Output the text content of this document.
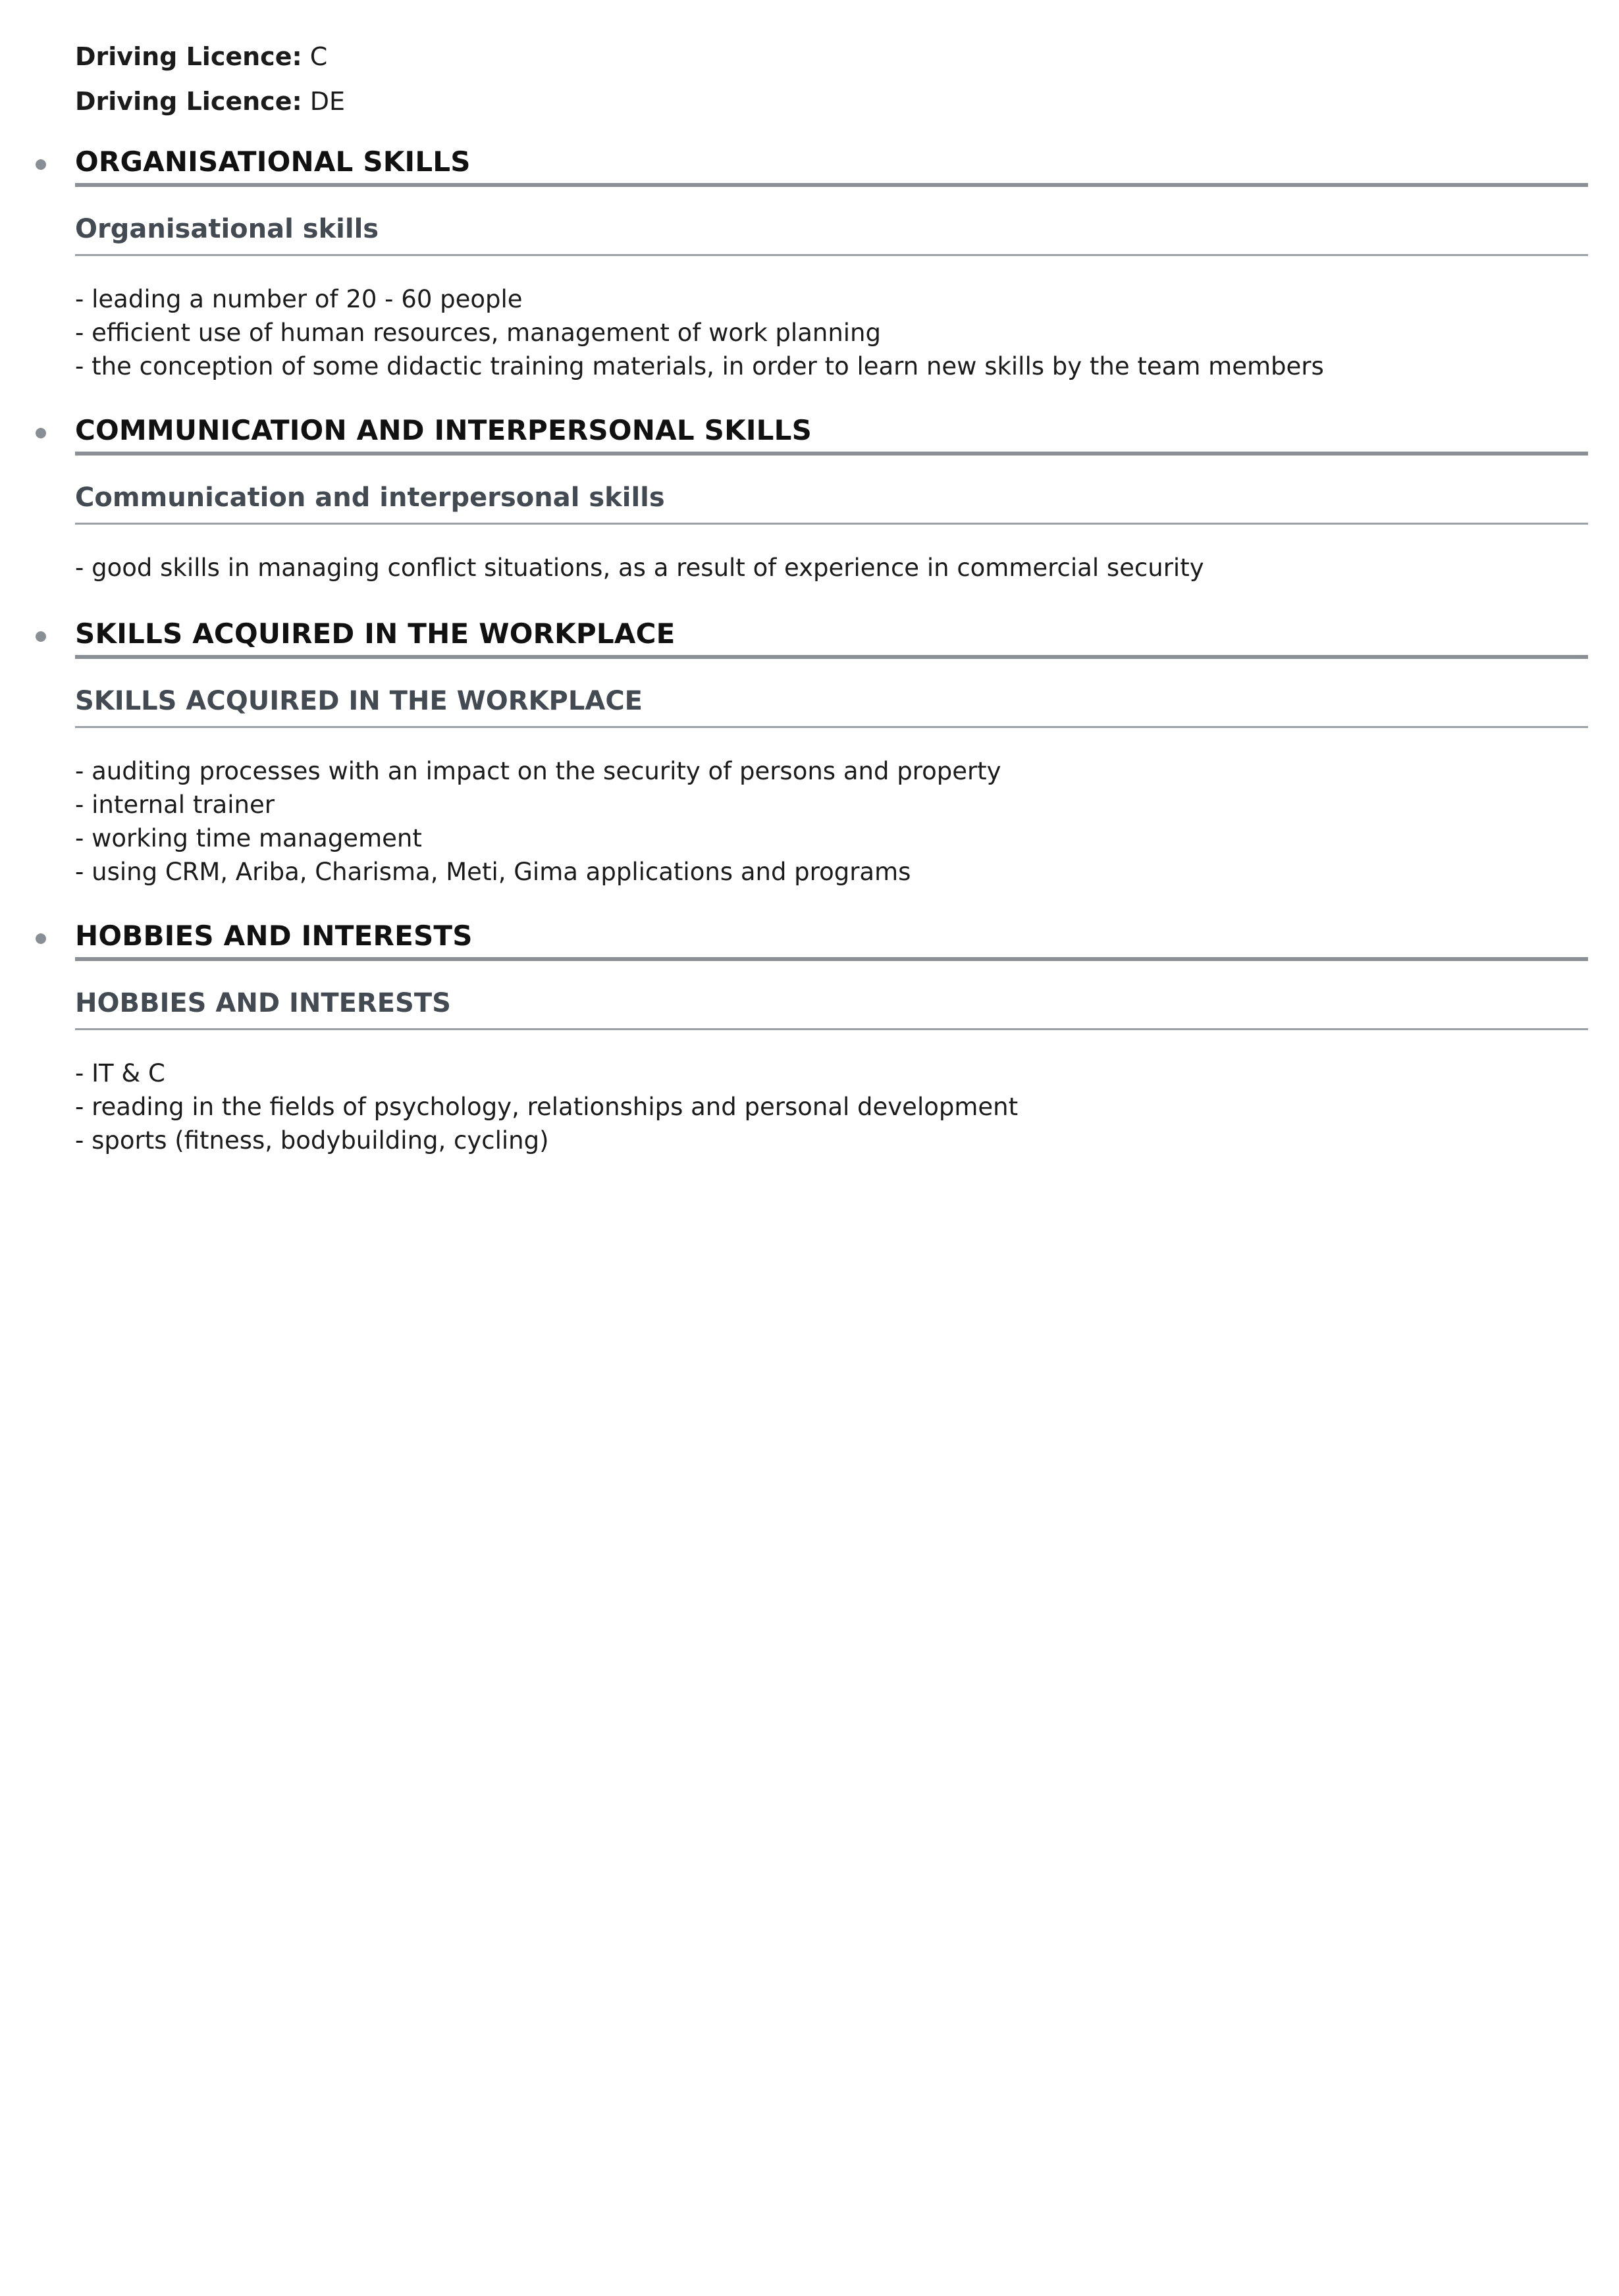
Driving Licence: C
Driving Licence: DE
ORGANISATIONAL SKILLS
Organisational skills
- leading a number of 20 - 60 people
- efficient use of human resources, management of work planning
- the conception of some didactic training materials, in order to learn new skills by the team members
COMMUNICATION AND INTERPERSONAL SKILLS
Communication and interpersonal skills
- good skills in managing conflict situations, as a result of experience in commercial security
SKILLS ACQUIRED IN THE WORKPLACE
SKILLS ACQUIRED IN THE WORKPLACE
- auditing processes with an impact on the security of persons and property
- internal trainer
- working time management
- using CRM, Ariba, Charisma, Meti, Gima applications and programs
HOBBIES AND INTERESTS
HOBBIES AND INTERESTS
- IT & C
- reading in the fields of psychology, relationships and personal development
- sports (fitness, bodybuilding, cycling)
